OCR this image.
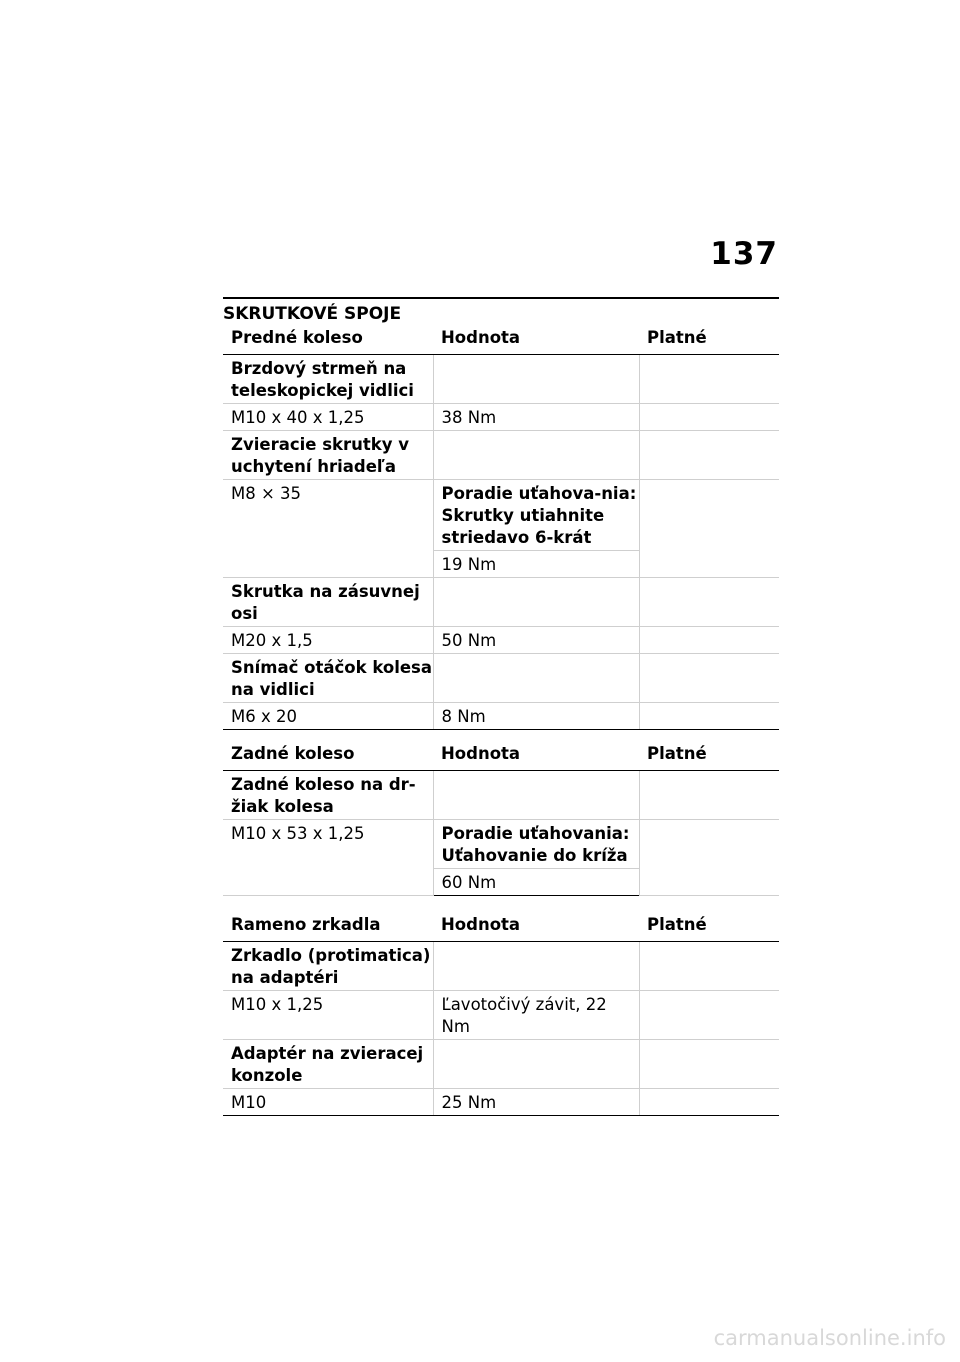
137
SKRUTKOVÉ SPOJE
Predné koleso	Hodnota	Platné
Brzdový strmeň na teleskopickej vidlici		
M10 x 40 x 1,25	38 Nm	
Zvieracie skrutky v uchytení hriadeľa		
M8 × 35	Poradie uťahova-nia: Skrutky utiahnite striedavo 6-krát	
	19 Nm	
Skrutka na zásuvnej osi		
M20 x 1,5	50 Nm	
Snímač otáčok kolesa na vidlici		
M6 x 20	8 Nm	
Zadné koleso	Hodnota	Platné
Zadné koleso na dr-žiak kolesa		
M10 x 53 x 1,25	Poradie uťahovania: Uťahovanie do kríža	
	60 Nm	
Rameno zrkadla	Hodnota	Platné
Zrkadlo (protimatica) na adaptéri		
M10 x 1,25	Ľavotočivý závit, 22 Nm	
Adaptér na zvieracej konzole		
M10	25 Nm	
carmanualsonline.info
